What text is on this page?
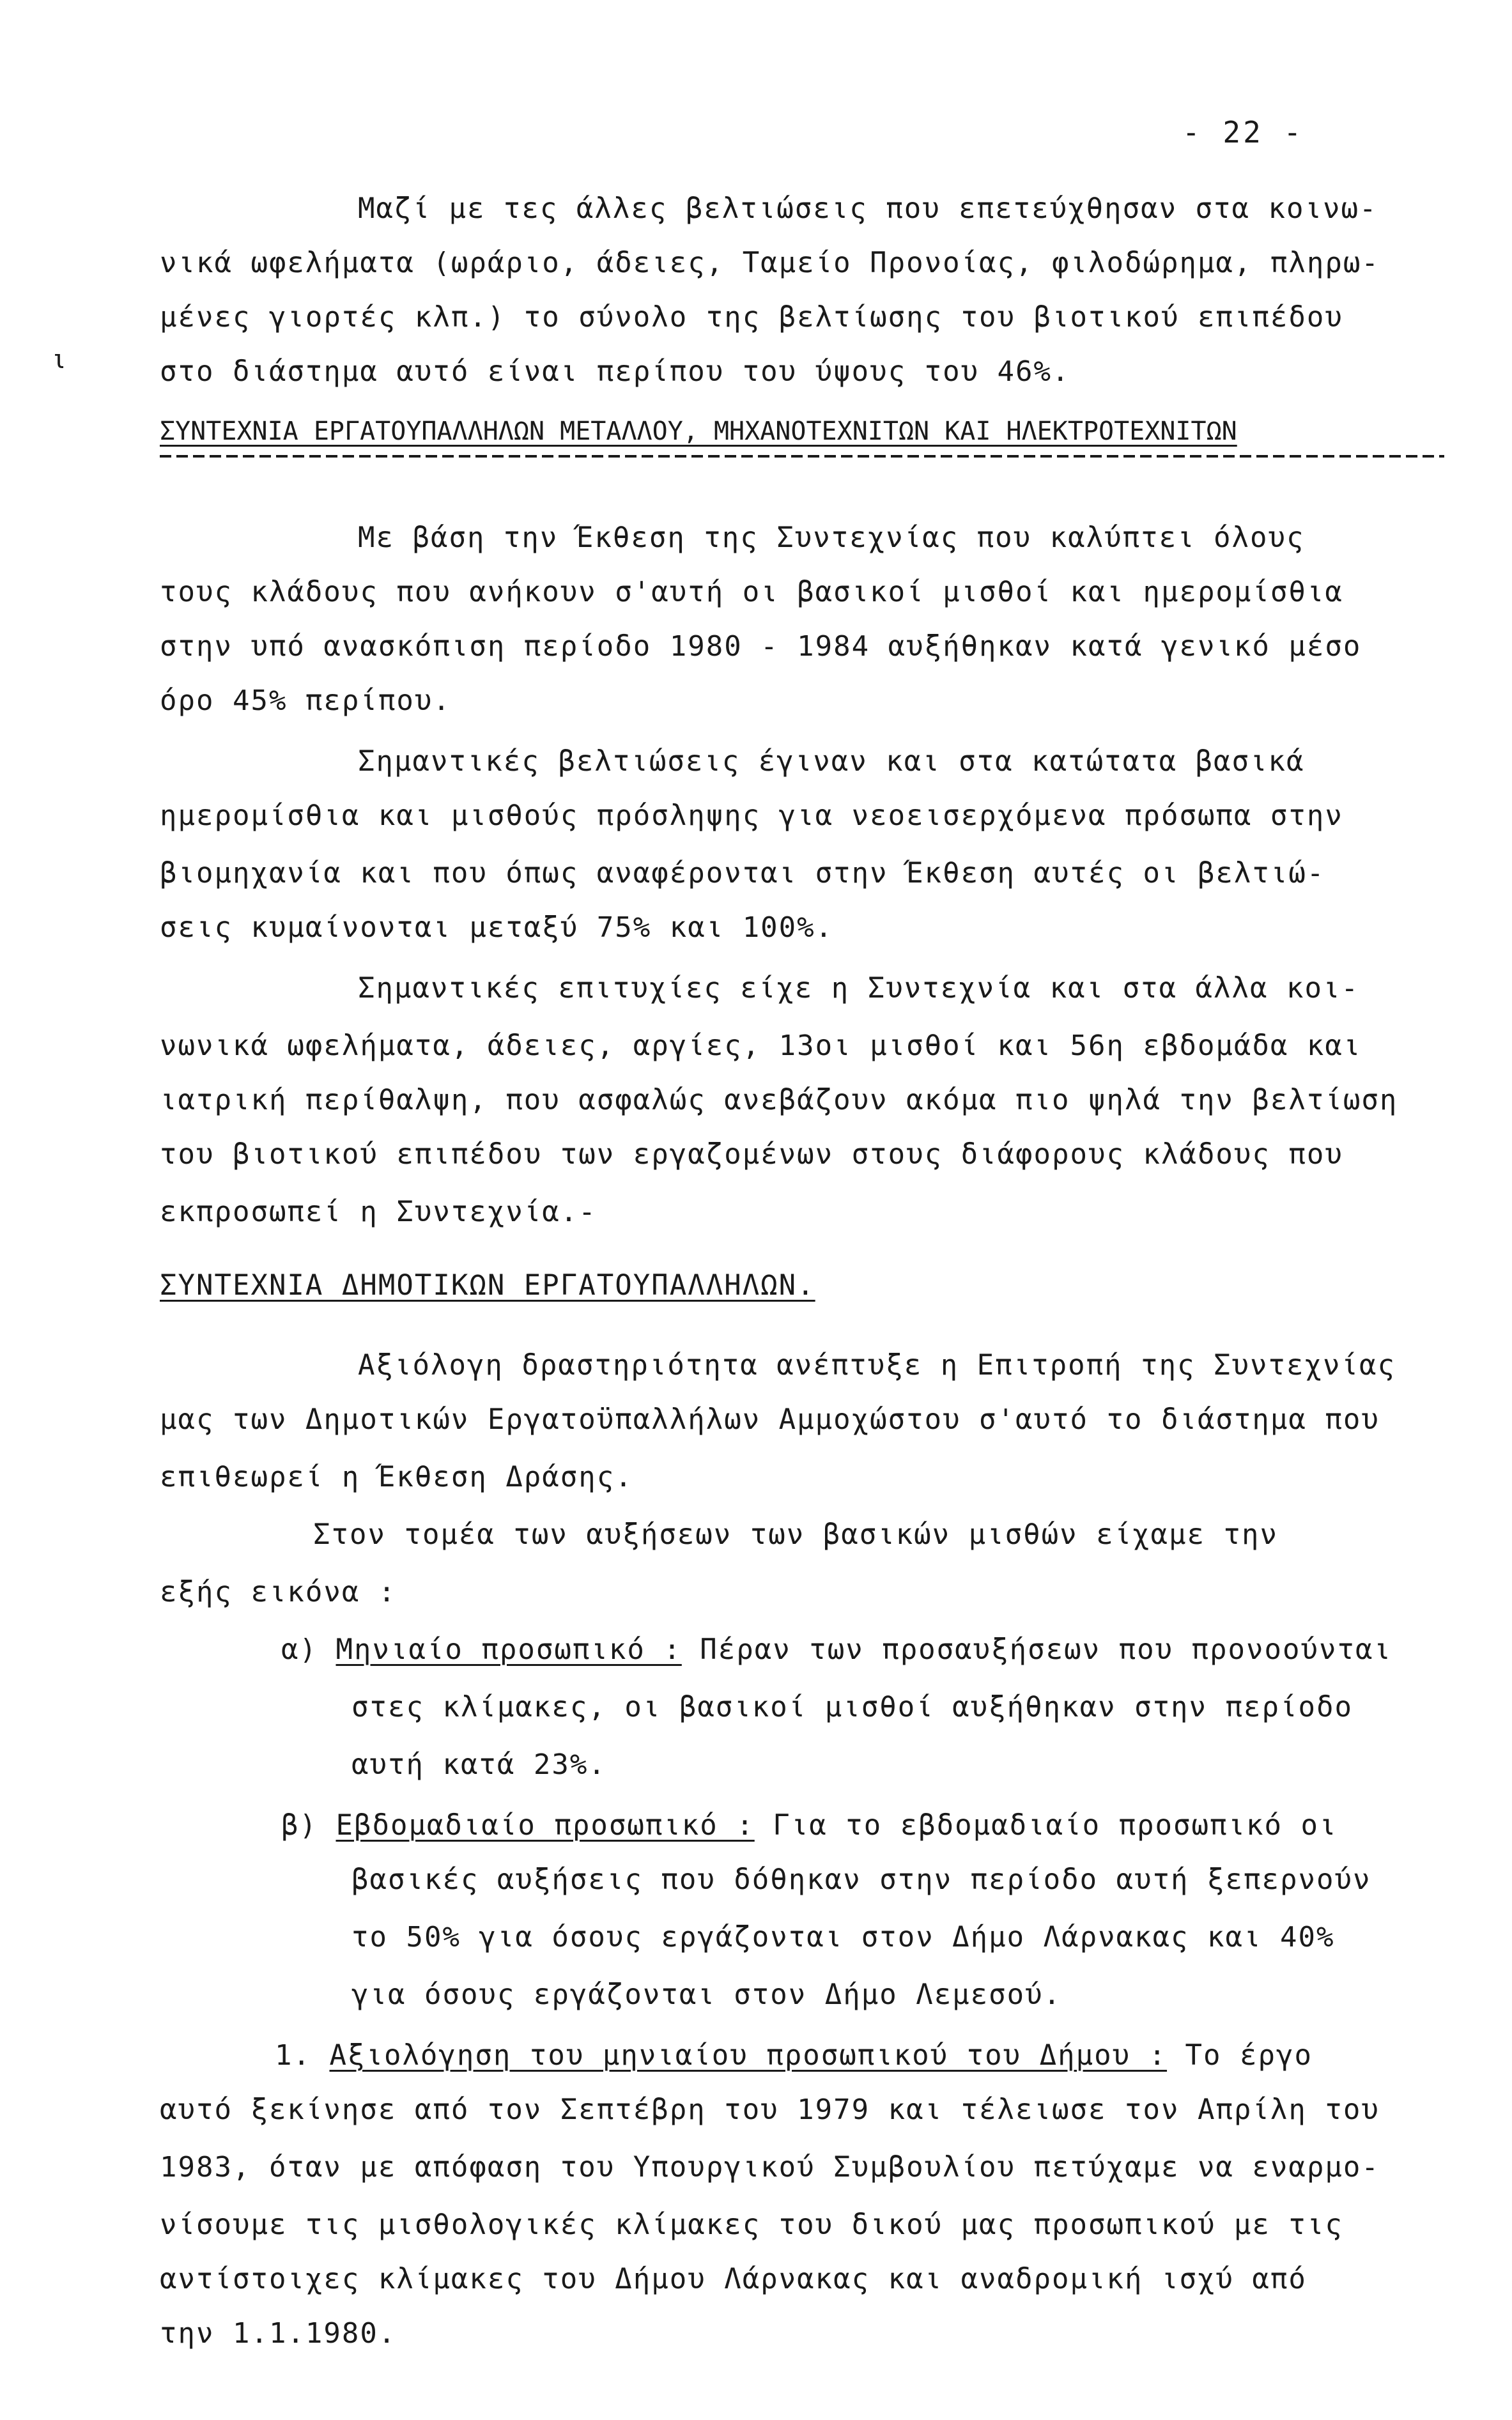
- 22 -
ι
Μαζί με τες άλλες βελτιώσεις που επετεύχθησαν στα κοινω-
νικά ωφελήματα (ωράριο, άδειες, Ταμείο Προνοίας, φιλοδώρημα, πληρω-
μένες γιορτές κλπ.) το σύνολο της βελτίωσης του βιοτικού επιπέδου
στο διάστημα αυτό είναι περίπου του ύψους του 46%.
ΣΥΝΤΕΧΝΙΑ ΕΡΓΑΤΟΥΠΑΛΛΗΛΩΝ ΜΕΤΑΛΛΟΥ, ΜΗΧΑΝΟΤΕΧΝΙΤΩΝ ΚΑΙ ΗΛΕΚΤΡΟΤΕΧΝΙΤΩΝ
Με βάση την Έκθεση της Συντεχνίας που καλύπτει όλους
τους κλάδους που ανήκουν σ'αυτή οι βασικοί μισθοί και ημερομίσθια
στην υπό ανασκόπιση περίοδο 1980 - 1984 αυξήθηκαν κατά γενικό μέσο
όρο 45% περίπου.
Σημαντικές βελτιώσεις έγιναν και στα κατώτατα βασικά
ημερομίσθια και μισθούς πρόσληψης για νεοεισερχόμενα πρόσωπα στην
βιομηχανία και που όπως αναφέρονται στην Έκθεση αυτές οι βελτιώ-
σεις κυμαίνονται μεταξύ 75% και 100%.
Σημαντικές επιτυχίες είχε η Συντεχνία και στα άλλα κοι-
νωνικά ωφελήματα, άδειες, αργίες, 13οι μισθοί και 56η εβδομάδα και
ιατρική περίθαλψη, που ασφαλώς ανεβάζουν ακόμα πιο ψηλά την βελτίωση
του βιοτικού επιπέδου των εργαζομένων στους διάφορους κλάδους που
εκπροσωπεί η Συντεχνία.-
ΣΥΝΤΕΧΝΙΑ ΔΗΜΟΤΙΚΩΝ ΕΡΓΑΤΟΥΠΑΛΛΗΛΩΝ.
Αξιόλογη δραστηριότητα ανέπτυξε η Επιτροπή της Συντεχνίας
μας των Δημοτικών Εργατοϋπαλλήλων Αμμοχώστου σ'αυτό το διάστημα που
επιθεωρεί η Έκθεση Δράσης.
Στον τομέα των αυξήσεων των βασικών μισθών είχαμε την
εξής εικόνα :
α) Μηνιαίο προσωπικό : Πέραν των προσαυξήσεων που προνοούνται
στες κλίμακες, οι βασικοί μισθοί αυξήθηκαν στην περίοδο
αυτή κατά 23%.
β) Εβδομαδιαίο προσωπικό : Για το εβδομαδιαίο προσωπικό οι
βασικές αυξήσεις που δόθηκαν στην περίοδο αυτή ξεπερνούν
το 50% για όσους εργάζονται στον Δήμο Λάρνακας και 40%
για όσους εργάζονται στον Δήμο Λεμεσού.
1. Αξιολόγηση του μηνιαίου προσωπικού του Δήμου : Το έργο
αυτό ξεκίνησε από τον Σεπτέβρη του 1979 και τέλειωσε τον Απρίλη του
1983, όταν με απόφαση του Υπουργικού Συμβουλίου πετύχαμε να εναρμο-
νίσουμε τις μισθολογικές κλίμακες του δικού μας προσωπικού με τις
αντίστοιχες κλίμακες του Δήμου Λάρνακας και αναδρομική ισχύ από
την 1.1.1980.
